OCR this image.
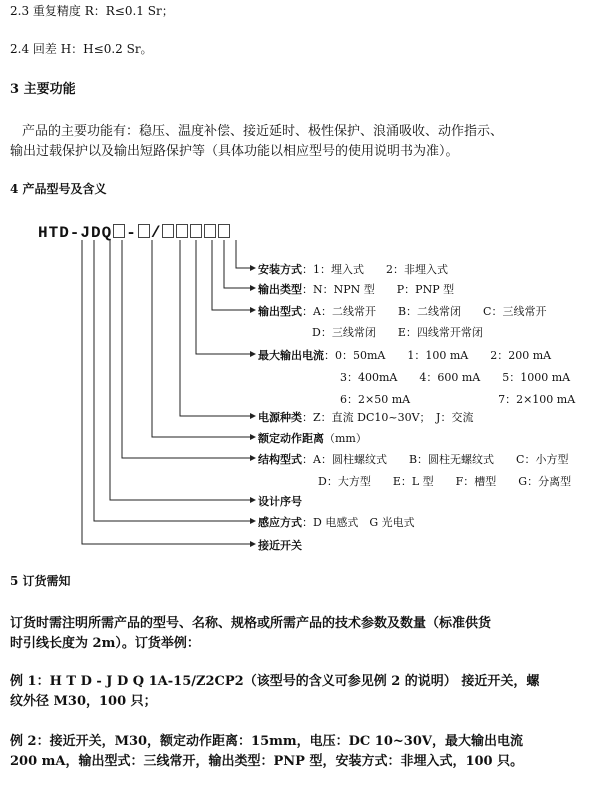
2.3 重复精度 R：R≤0.1 Sr；
2.4 回差 H：H≤0.2 Sr。
3 主要功能
产品的主要功能有：稳压、温度补偿、接近延时、极性保护、浪涌吸收、动作指示、
输出过载保护以及输出短路保护等（具体功能以相应型号的使用说明书为准）。
4 产品型号及含义
HTD-JDQ - /
安装方式：1：埋入式　　2：非埋入式
输出类型：N：NPN 型　　P：PNP 型
输出型式：A：二线常开　　B：二线常闭　　C：三线常开
D：三线常闭　　E：四线常开常闭
最大输出电流：0：50mA　　1：100 mA　　2：200 mA
3：400mA　　4：600 mA　　5：1000 mA
6：2×50 mA　　　　　　　　7：2×100 mA
电源种类：Z：直流 DC10~30V；　J：交流
额定动作距离（mm）
结构型式：A：圆柱螺纹式　　B：圆柱无螺纹式　　C：小方型
D：大方型　　E：L 型　　F：槽型　　G：分离型
设计序号
感应方式：D 电感式　G 光电式
接近开关
5 订货需知
订货时需注明所需产品的型号、名称、规格或所需产品的技术参数及数量（标准供货
时引线长度为 2m）。订货举例：
例 1：H T D - J D Q 1A-15/Z2CP2（该型号的含义可参见例 2 的说明） 接近开关，螺
纹外径 M30，100 只；
例 2：接近开关，M30，额定动作距离：15mm，电压：DC 10~30V，最大输出电流
200 mA，输出型式：三线常开，输出类型：PNP 型，安装方式：非埋入式，100 只。
